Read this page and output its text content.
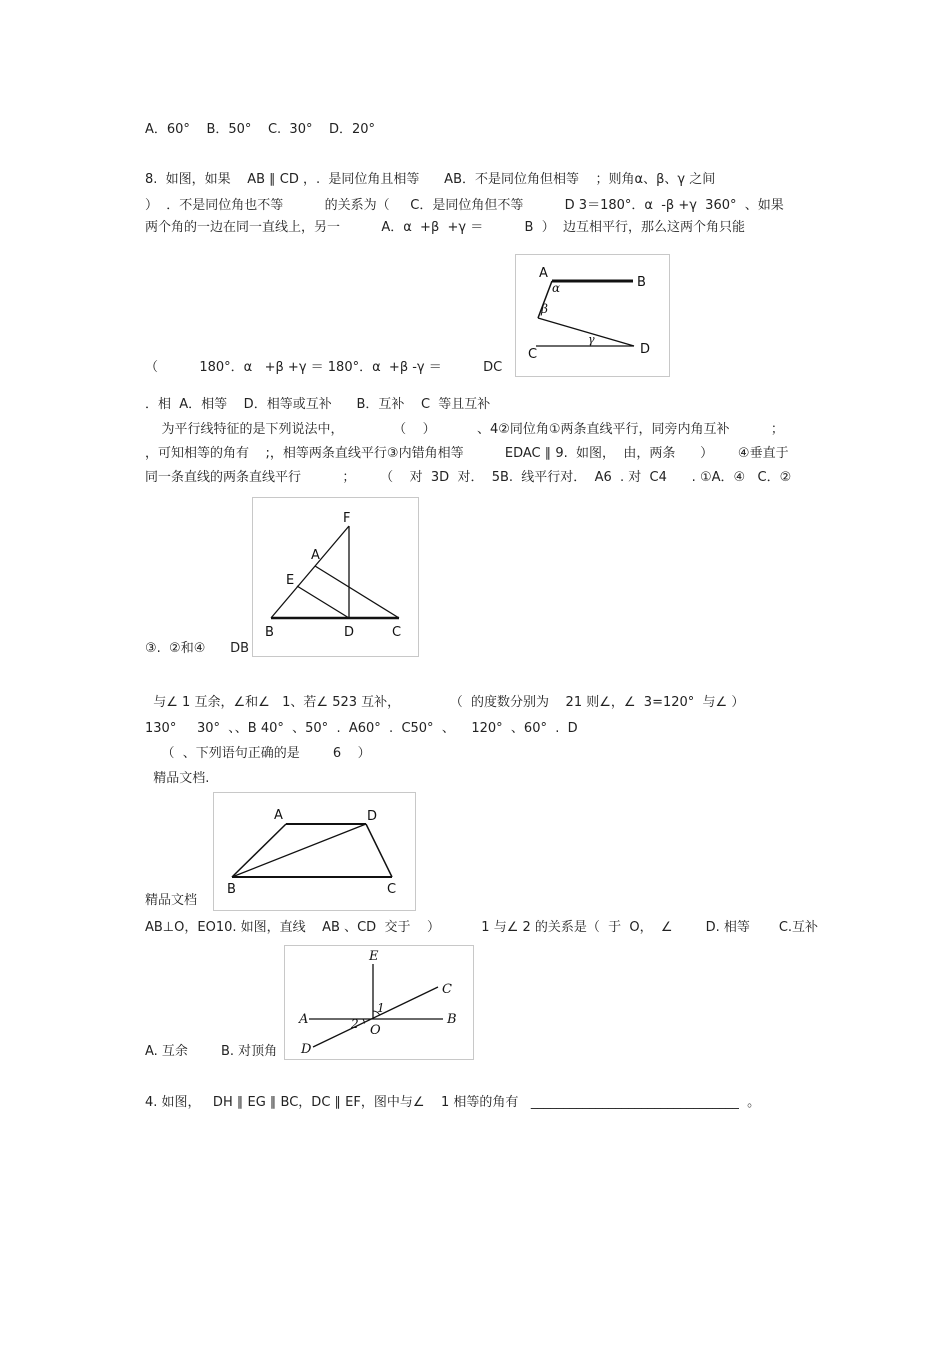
A．60°    B．50°    C.  30°    D．20°
8.  如图，如果    AB ∥ CD ，.  是同位角且相等      AB．不是同位角但相等    ；则角α、β、γ 之间
）  ．不是同位角也不等          的关系为（     C．是同位角但不等          D 3＝180°．α  -β +γ  360°  、如果
两个角的一边在同一直线上，另一          A．α  +β  +γ ＝          B  ）  边互相平行，那么这两个角只能
（          180°．α   +β +γ ＝ 180°．α  +β -γ ＝          DC
．相  A．相等    D．相等或互补      B．互补    C  等且互补
为平行线特征的是下列说法中，            （    ）          、4②同位角①两条直线平行，同旁内角互补          ；
，可知相等的角有    ;，相等两条直线平行③内错角相等          EDAC ∥ 9.  如图，  由，两条      ）      ④垂直于
同一条直线的两条直线平行          ；      （    对  3D  对．  5B.  线平行对．  A6  . 对  C4      . ①A．④   C．②
③.  ②和④      DB
与∠ 1 互余，∠和∠   1、若∠ 523 互补，            （  的度数分别为    21 则∠，∠  3=120°  与∠ ）
130°     30°  、、B 40°  、50°  .  A60°  .  C50°  、    120°  、60°  .  D
（  、下列语句正确的是        6    ）
精品文档.
精品文档
AB⊥O，EO10. 如图，直线    AB 、CD  交于    ）          1 与∠ 2 的关系是（  于  O，  ∠        D. 相等       C.互补
A. 互余        B. 对顶角
4. 如图，   DH ∥ EG ∥ BC，DC ∥ EF，图中与∠    1 相等的角有   ________________________________  。
A
B
C	D
α
β
γ
F
A
E
B	D	C
A	D
B	C
E
C
A	B
O
D
1
2
